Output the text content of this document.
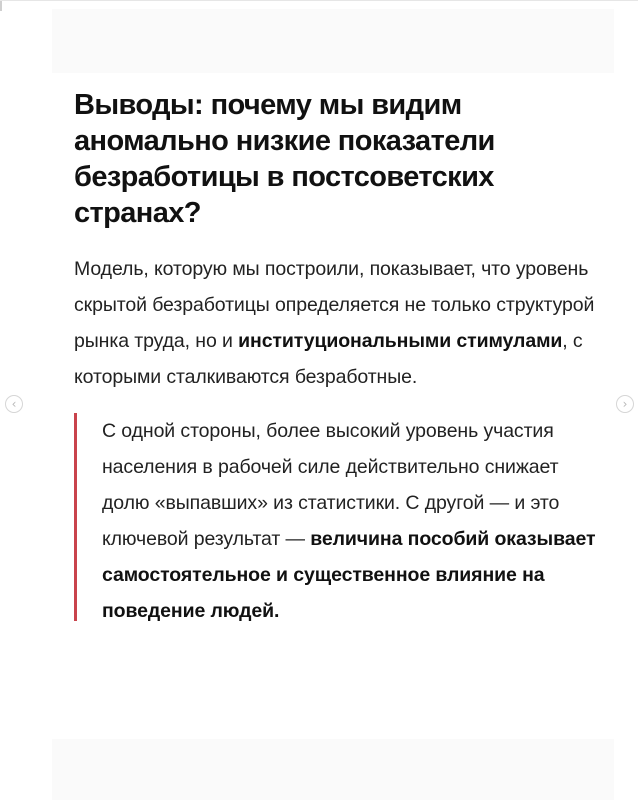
‹	›
Выводы: почему мы видим аномально низкие показатели безработицы в постсоветских странах?

Модель, которую мы построили, показывает, что уровень скрытой безработицы определяется не только структурой рынка труда, но и институциональными стимулами, с которыми сталкиваются безработные.

С одной стороны, более высокий уровень участия населения в рабочей силе действительно снижает долю «выпавших» из статистики. С другой — и это ключевой результат — величина пособий оказывает самостоятельное и существенное влияние на поведение людей.
